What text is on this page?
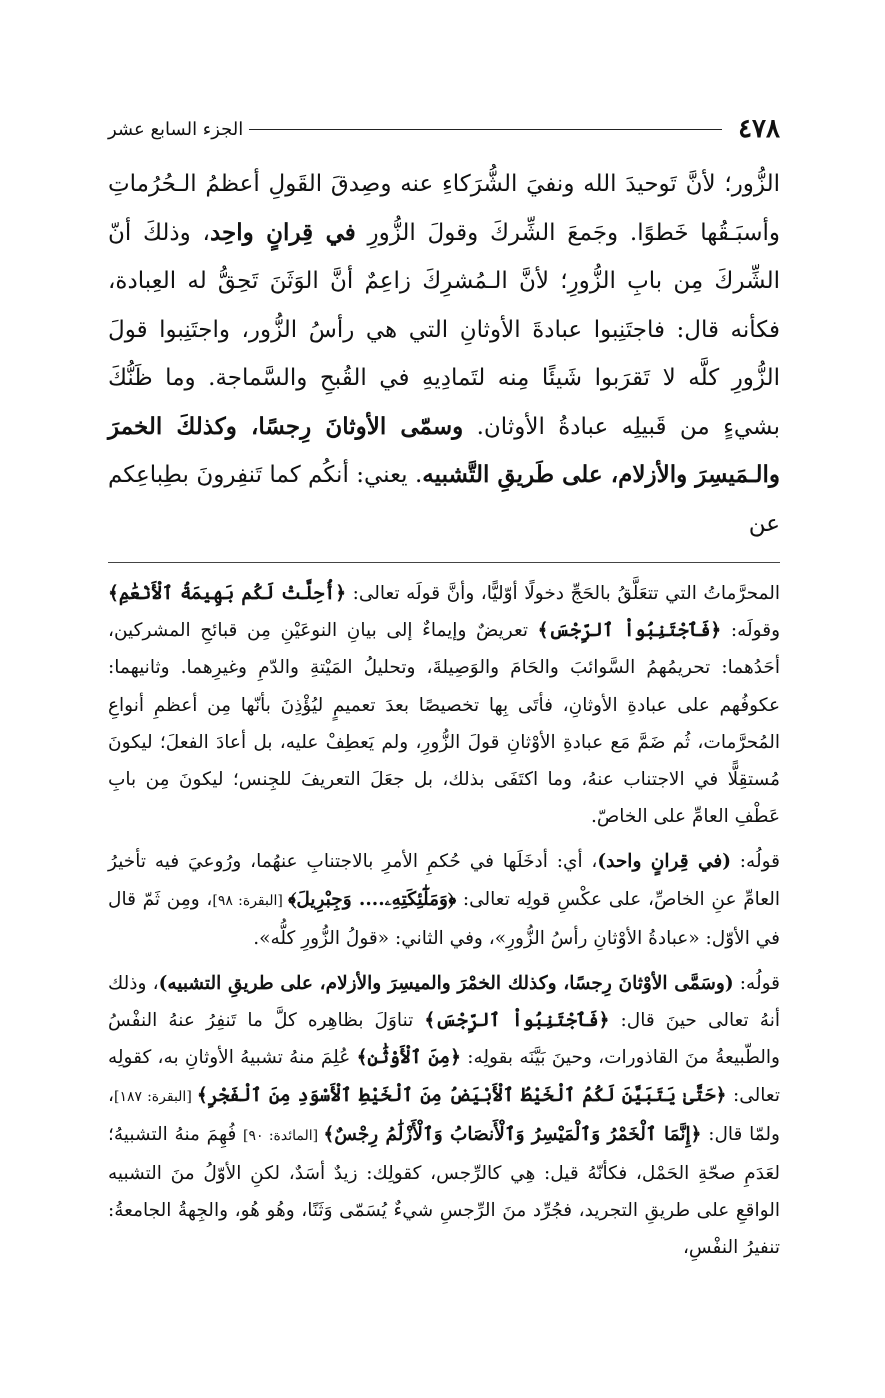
٤٧٨
الجزء السابع عشر
الزُّور؛ لأنَّ تَوحيدَ الله ونفيَ الشُّرَكاءِ عنه وصِدقَ القَولِ أعظمُ الـحُرُماتِ وأسبَـقُها خَطوًا. وجَمعَ الشِّركَ وقولَ الزُّورِ في قِرانٍ واحِد، وذلكَ أنّ الشِّركَ مِن بابِ الزُّورِ؛ لأنَّ الـمُشرِكَ زاعِمٌ أنَّ الوَثَنَ تَحِقُّ له العِبادة، فكأنه قال: فاجتَنِبوا عبادةَ الأوثانِ التي هي رأسُ الزُّور، واجتَنِبوا قولَ الزُّورِ كلَّه لا تَقرَبوا شَيئًا مِنه لتَمادِيهِ في القُبحِ والسَّماجة. وما ظَنُّكَ بشيءٍ من قَبيلِه عبادةُ الأوثان. وسمّى الأوثانَ رِجسًا، وكذلكَ الخمرَ والـمَيسِرَ والأزلام، على طَريقِ التَّشبيه. يعني: أنكُم كما تَنفِرونَ بطِباعِكم عن

المحرَّماتُ التي تتعَلَّقُ بالحَجِّ دخولًا أوّليًّا، وأنَّ قولَه تعالى: ﴿أُحِلَّتْ لَكُم بَهِيمَةُ ٱلْأَنْعَٰمِ﴾ وقولَه: ﴿فَٱجْتَنِبُواْ ٱلرِّجْسَ﴾ تعريضٌ وإيماءٌ إلى بيانِ النوعَيْنِ مِن قبائحِ المشركين، أحَدُهما: تحريمُهمُ السَّوائبَ والحَامَ والوَصِيلةَ، وتحليلُ المَيْتةِ والدّمِ وغيرِهما. وثانيهما: عكوفُهم على عبادةِ الأوثانِ، فأتَى بِها تخصيصًا بعدَ تعميمٍ ليُؤْذِنَ بأنّها مِن أعظمِ أنواعِ المُحرَّمات، ثُم ضَمَّ مَع عبادةِ الأوْثانِ قولَ الزُّورِ، ولم يَعطِفْ عليه، بل أعادَ الفعلَ؛ ليكونَ مُستقِلًّا في الاجتناب عنهُ، وما اكتَفَى بذلك، بل جعَلَ التعريفَ للجِنس؛ ليكونَ مِن بابِ عَطْفِ العامِّ على الخاصّ.

قولُه: (في قِرانٍ واحد)، أي: أدخَلَها في حُكمِ الأمرِ بالاجتنابِ عنهُما، ورُوعيَ فيه تأخيرُ العامِّ عنِ الخاصِّ، على عكْسِ قولِه تعالى: ﴿وَمَلَٰٓئِكَتِهِۦ.... وَجِبْرِيلَ﴾ [البقرة: ٩٨]، ومِن ثَمّ قال في الأوّل: «عبادةُ الأوْثانِ رأسُ الزُّورِ»، وفي الثاني: «قولُ الزُّورِ كلُّه».

قولُه: (وسَمَّى الأوْثانَ رِجسًا، وكذلك الخمْرَ والميسِرَ والأزلام، على طريقِ التشبيه)، وذلك أنهُ تعالى حينَ قال: ﴿فَٱجْتَنِبُواْ ٱلرِّجْسَ﴾ تناوَلَ بظاهِره كلَّ ما تَنفِرُ عنهُ النفْسُ والطّبيعةُ منَ القاذورات، وحينَ بَيَّنَه بقولِه: ﴿مِنَ ٱلْأَوْثَٰنِ﴾ عُلِمَ منهُ تشبيهُ الأوثانِ به، كقولِه تعالى: ﴿حَتَّىٰ يَتَبَيَّنَ لَكُمُ ٱلْخَيْطُ ٱلْأَبْيَضُ مِنَ ٱلْخَيْطِ ٱلْأَسْوَدِ مِنَ ٱلْفَجْرِ﴾ [البقرة: ١٨٧]، ولمّا قال: ﴿إِنَّمَا ٱلْخَمْرُ وَٱلْمَيْسِرُ وَٱلْأَنصَابُ وَٱلْأَزْلَٰمُ رِجْسٌ﴾ [المائدة: ٩٠] فُهِمَ منهُ التشبيهُ؛ لعَدَمِ صحّةِ الحَمْل، فكأنّهُ قيل: هِي كالرِّجس، كقولِك: زيدٌ أسَدٌ، لكنِ الأوّلُ منَ التشبيه الواقعِ على طريقِ التجريد، فجُرِّد منَ الرِّجسِ شيءٌ يُسَمّى وَثَنًا، وهُو هُو، والجِهةُ الجامعةُ: تنفيرُ النفْسِ،
